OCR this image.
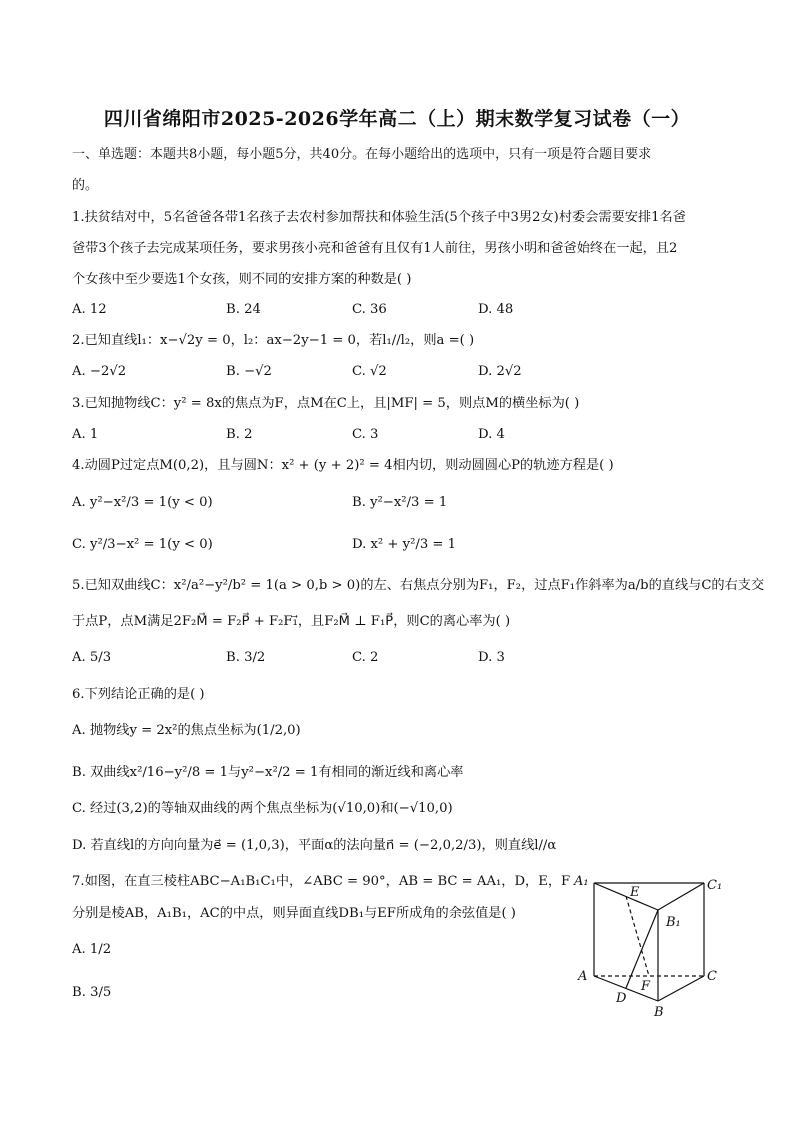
四川省绵阳市2025-2026学年高二（上）期末数学复习试卷（一）
一、单选题：本题共8小题，每小题5分，共40分。在每小题给出的选项中，只有一项是符合题目要求
的。
1.扶贫结对中，5名爸爸各带1名孩子去农村参加帮扶和体验生活(5个孩子中3男2女)村委会需要安排1名爸
爸带3个孩子去完成某项任务，要求男孩小亮和爸爸有且仅有1人前往，男孩小明和爸爸始终在一起，且2
个女孩中至少要选1个女孩，则不同的安排方案的种数是( )
A. 12	B. 24	C. 36	D. 48
2.已知直线l₁：x−√2y = 0，l₂：ax−2y−1 = 0，若l₁//l₂，则a =( )
A. −2√2	B. −√2	C. √2	D. 2√2
3.已知抛物线C：y² = 8x的焦点为F，点M在C上，且|MF| = 5，则点M的横坐标为( )
A. 1	B. 2	C. 3	D. 4
4.动圆P过定点M(0,2)，且与圆N：x² + (y + 2)² = 4相内切，则动圆圆心P的轨迹方程是( )
A. y²−x²/3 = 1(y < 0)	B. y²−x²/3 = 1
C. y²/3−x² = 1(y < 0)	D. x² + y²/3 = 1
5.已知双曲线C：x²/a²−y²/b² = 1(a > 0,b > 0)的左、右焦点分别为F₁，F₂，过点F₁作斜率为a/b的直线与C的右支交
于点P，点M满足2F₂M⃗ = F₂P⃗ + F₂F₁⃗，且F₂M⃗ ⊥ F₁P⃗，则C的离心率为( )
A. 5/3	B. 3/2	C. 2	D. 3
6.下列结论正确的是( )
A. 抛物线y = 2x²的焦点坐标为(1/2,0)
B. 双曲线x²/16−y²/8 = 1与y²−x²/2 = 1有相同的渐近线和离心率
C. 经过(3,2)的等轴双曲线的两个焦点坐标为(√10,0)和(−√10,0)
D. 若直线l的方向向量为e⃗ = (1,0,3)，平面α的法向量n⃗ = (−2,0,2/3)，则直线l//α
7.如图，在直三棱柱ABC−A₁B₁C₁中，∠ABC = 90°，AB = BC = AA₁，D，E，F
分别是棱AB，A₁B₁，AC的中点，则异面直线DB₁与EF所成角的余弦值是( )
A. 1/2
B. 3/5
A₁
E	C₁
B₁
A
F
C
D
B
